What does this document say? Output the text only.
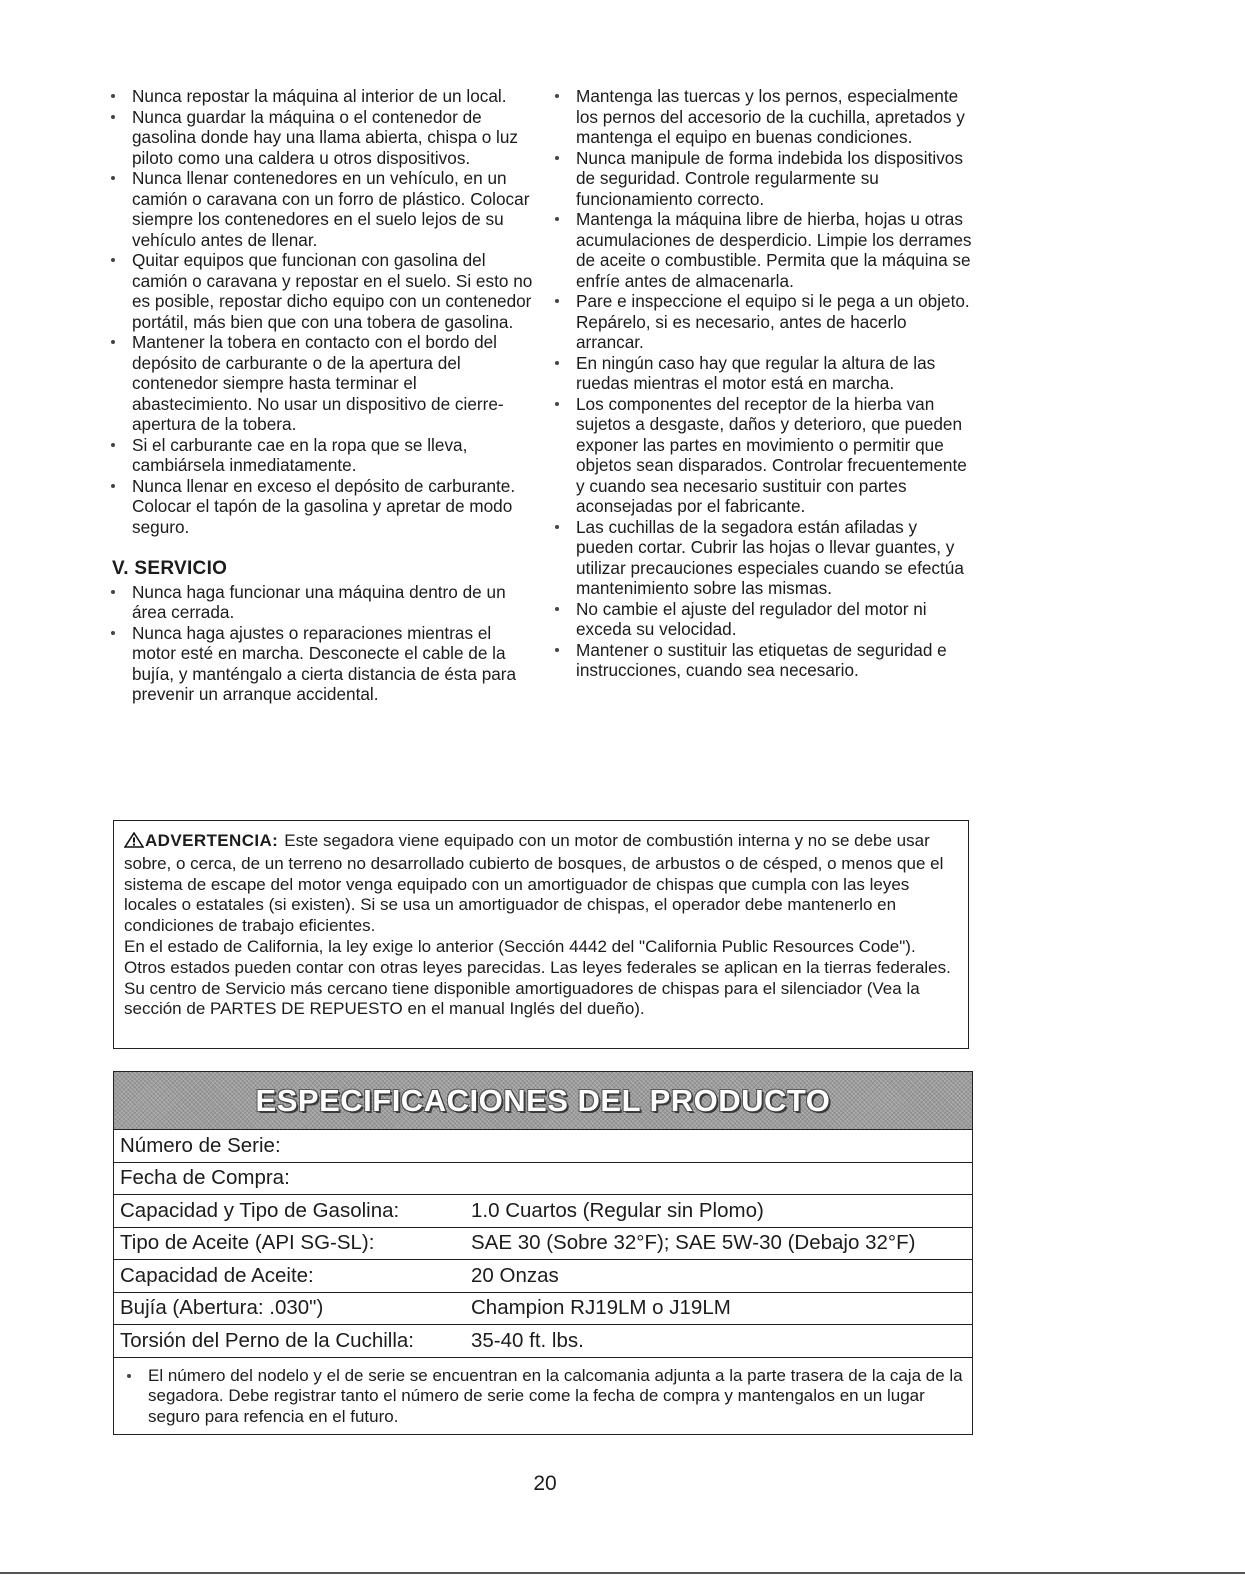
Nunca repostar la máquina al interior de un local.
Nunca guardar la máquina o el contenedor de gasolina donde hay una llama abierta, chispa o luz piloto como una caldera u otros dispositivos.
Nunca llenar contenedores en un vehículo, en un camión o caravana con un forro de plástico. Colocar siempre los contenedores en el suelo lejos de su vehículo antes de llenar.
Quitar equipos que funcionan con gasolina del camión o caravana y repostar en el suelo. Si esto no es posible, repostar dicho equipo con un contenedor portátil, más bien que con una tobera de gasolina.
Mantener la tobera en contacto con el bordo del depósito de carburante o de la apertura del contenedor siempre hasta terminar el abastecimiento. No usar un dispositivo de cierre-apertura de la tobera.
Si el carburante cae en la ropa que se lleva, cambiársela inmediatamente.
Nunca llenar en exceso el depósito de carburante. Colocar el tapón de la gasolina y apretar de modo seguro.
V. SERVICIO
Nunca haga funcionar una máquina dentro de un área cerrada.
Nunca haga ajustes o reparaciones mientras el motor esté en marcha. Desconecte el cable de la bujía, y manténgalo a cierta distancia de ésta para prevenir un arranque accidental.
Mantenga las tuercas y los pernos, especialmente los pernos del accesorio de la cuchilla, apretados y mantenga el equipo en buenas condiciones.
Nunca manipule de forma indebida los dispositivos de seguridad. Controle regularmente su funcionamiento correcto.
Mantenga la máquina libre de hierba, hojas u otras acumulaciones de desperdicio. Limpie los derrames de aceite o combustible. Permita que la máquina se enfríe antes de almacenarla.
Pare e inspeccione el equipo si le pega a un objeto. Repárelo, si es necesario, antes de hacerlo arrancar.
En ningún caso hay que regular la altura de las ruedas mientras el motor está en marcha.
Los componentes del receptor de la hierba van sujetos a desgaste, daños y deterioro, que pueden exponer las partes en movimiento o permitir que objetos sean disparados. Controlar frecuentemente y cuando sea necesario sustituir con partes aconsejadas por el fabricante.
Las cuchillas de la segadora están afiladas y pueden cortar. Cubrir las hojas o llevar guantes, y utilizar precauciones especiales cuando se efectúa mantenimiento sobre las mismas.
No cambie el ajuste del regulador del motor ni exceda su velocidad.
Mantener o sustituir las etiquetas de seguridad e instrucciones, cuando sea necesario.

ADVERTENCIA: Este segadora viene equipado con un motor de combustión interna y no se debe usar sobre, o cerca, de un terreno no desarrollado cubierto de bosques, de arbustos o de césped, o menos que el sistema de escape del motor venga equipado con un amortiguador de chispas que cumpla con las leyes locales o estatales (si existen). Si se usa un amortiguador de chispas, el operador debe mantenerlo en condiciones de trabajo eficientes.

En el estado de California, la ley exige lo anterior (Sección 4442 del "California Public Resources Code"). Otros estados pueden contar con otras leyes parecidas. Las leyes federales se aplican en la tierras federales. Su centro de Servicio más cercano tiene disponible amortiguadores de chispas para el silenciador (Vea la sección de PARTES DE REPUESTO en el manual Inglés del dueño).

ESPECIFICACIONES DEL PRODUCTO
Número de Serie:
Fecha de Compra:
Capacidad y Tipo de Gasolina:	1.0 Cuartos (Regular sin Plomo)
Tipo de Aceite (API SG-SL):	SAE 30 (Sobre 32°F); SAE 5W-30 (Debajo 32°F)
Capacidad de Aceite:	20 Onzas
Bujía (Abertura: .030")	Champion RJ19LM o J19LM
Torsión del Perno de la Cuchilla:	35-40 ft. lbs.
El número del nodelo y el de serie se encuentran en la calcomania adjunta a la parte trasera de la caja de la segadora. Debe registrar tanto el número de serie come la fecha de compra y mantengalos en un lugar seguro para refencia en el futuro.
20
